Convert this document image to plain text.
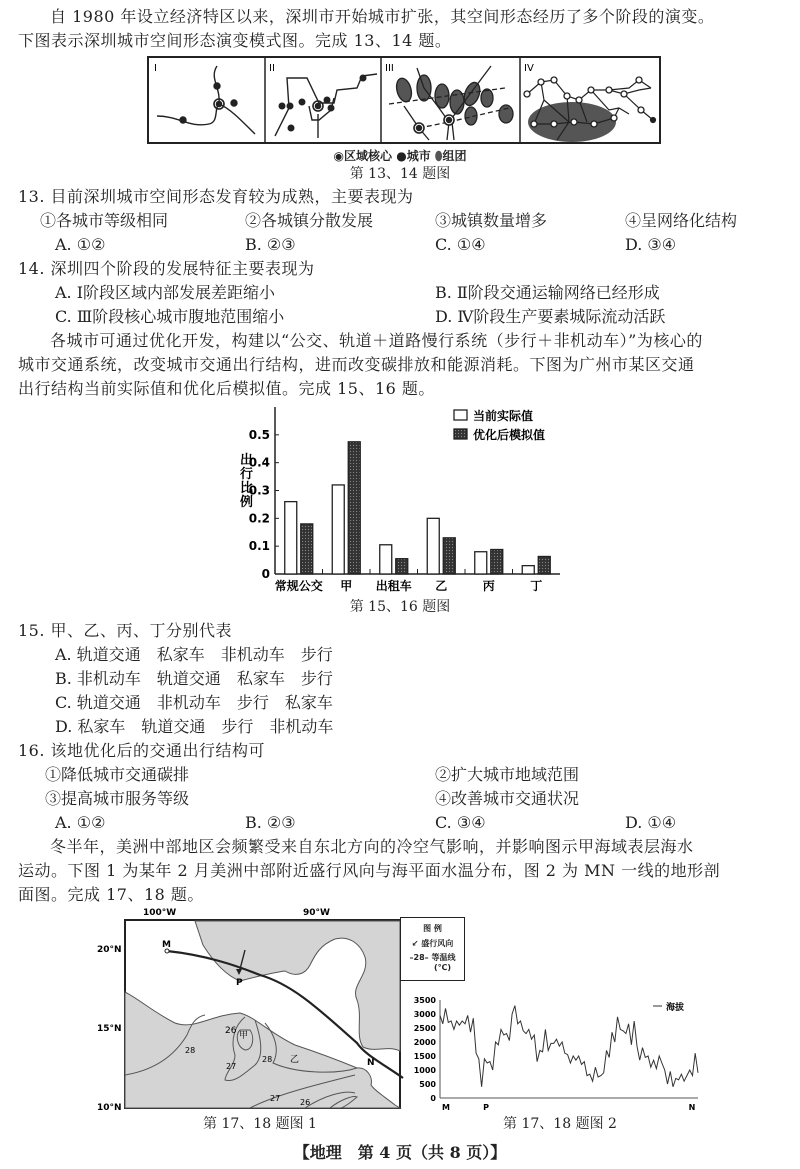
自 1980 年设立经济特区以来，深圳市开始城市扩张，其空间形态经历了多个阶段的演变。
下图表示深圳城市空间形态演变模式图。完成 13、14 题。
I	II	III	IV
◉区域核心 ●城市 ⬮组团
第 13、14 题图
13. 目前深圳城市空间形态发育较为成熟，主要表现为
①各城市等级相同	②各城镇分散发展	③城镇数量增多	④呈网络化结构
A. ①②	B. ②③	C. ①④	D. ③④
14. 深圳四个阶段的发展特征主要表现为
A. Ⅰ阶段区域内部发展差距缩小	B. Ⅱ阶段交通运输网络已经形成
C. Ⅲ阶段核心城市腹地范围缩小	D. Ⅳ阶段生产要素城际流动活跃
各城市可通过优化开发，构建以“公交、轨道＋道路慢行系统（步行＋非机动车）”为核心的
城市交通系统，改变城市交通出行结构，进而改变碳排放和能源消耗。下图为广州市某区交通
出行结构当前实际值和优化后模拟值。完成 15、16 题。
0
0.1
0.2
0.3
0.4
0.5
常规公交 甲 出租车 乙	丙	丁
出行比例
当前实际值
优化后模拟值
第 15、16 题图
15. 甲、乙、丙、丁分别代表
A. 轨道交通　私家车　非机动车　步行
B. 非机动车　轨道交通　私家车　步行
C. 轨道交通　非机动车　步行　私家车
D. 私家车　轨道交通　步行　非机动车
16. 该地优化后的交通出行结构可
①降低城市交通碳排	②扩大城市地域范围
③提高城市服务等级	④改善城市交通状况
A. ①②	B. ②③	C. ③④	D. ①④
冬半年，美洲中部地区会频繁受来自东北方向的冷空气影响，并影响图示甲海域表层海水
运动。下图 1 为某年 2 月美洲中部附近盛行风向与海平面水温分布，图 2 为 MN 一线的地形剖
面图。完成 17、18 题。
100°W	90°W
20°N
15°N
10°N
M
P
N
甲
乙
26
28
27
28
27 26
图 例
↙ 盛行风向
–28– 等温线
(℃)
第 17、18 题图 1
0
500
1000
1500
2000
2500
3000
3500
M	P	N
海拔
第 17、18 题图 2
【地理　第 4 页（共 8 页）】
